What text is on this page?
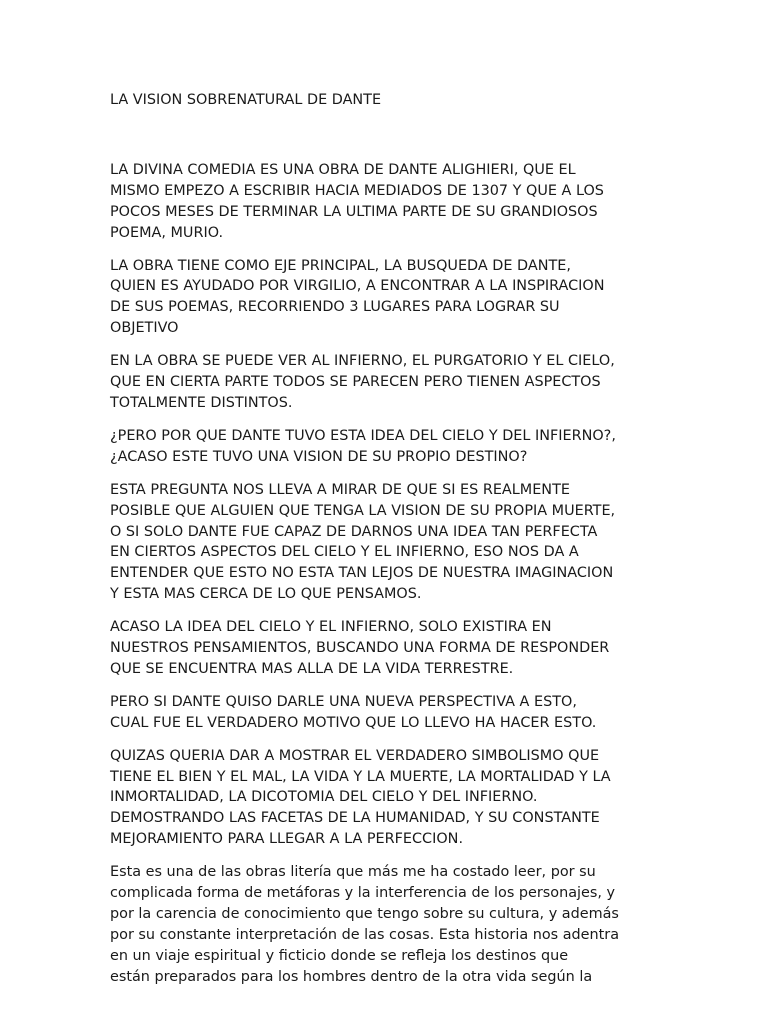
LA VISION SOBRENATURAL DE DANTE

LA DIVINA COMEDIA ES UNA OBRA DE DANTE ALIGHIERI, QUE EL
MISMO EMPEZO A ESCRIBIR HACIA MEDIADOS DE 1307 Y QUE A LOS
POCOS MESES DE TERMINAR LA ULTIMA PARTE DE SU GRANDIOSOS
POEMA, MURIO.

LA OBRA TIENE COMO EJE PRINCIPAL, LA BUSQUEDA DE DANTE,
QUIEN ES AYUDADO POR VIRGILIO, A ENCONTRAR A LA INSPIRACION
DE SUS POEMAS, RECORRIENDO 3 LUGARES PARA LOGRAR SU
OBJETIVO

EN LA OBRA SE PUEDE VER AL INFIERNO, EL PURGATORIO Y EL CIELO,
QUE EN CIERTA PARTE TODOS SE PARECEN PERO TIENEN ASPECTOS
TOTALMENTE DISTINTOS.

¿PERO POR QUE DANTE TUVO ESTA IDEA DEL CIELO Y DEL INFIERNO?,
¿ACASO ESTE TUVO UNA VISION DE SU PROPIO DESTINO?

ESTA PREGUNTA NOS LLEVA A MIRAR DE QUE SI ES REALMENTE
POSIBLE QUE ALGUIEN QUE TENGA LA VISION DE SU PROPIA MUERTE,
O SI SOLO DANTE FUE CAPAZ DE DARNOS UNA IDEA TAN PERFECTA
EN CIERTOS ASPECTOS DEL CIELO Y EL INFIERNO, ESO NOS DA A
ENTENDER QUE ESTO NO ESTA TAN LEJOS DE NUESTRA IMAGINACION
Y ESTA MAS CERCA DE LO QUE PENSAMOS.

ACASO LA IDEA DEL CIELO Y EL INFIERNO, SOLO EXISTIRA EN
NUESTROS PENSAMIENTOS, BUSCANDO UNA FORMA DE RESPONDER
QUE SE ENCUENTRA MAS ALLA DE LA VIDA TERRESTRE.

PERO SI DANTE QUISO DARLE UNA NUEVA PERSPECTIVA A ESTO,
CUAL FUE EL VERDADERO MOTIVO QUE LO LLEVO HA HACER ESTO.

QUIZAS QUERIA DAR A MOSTRAR EL VERDADERO SIMBOLISMO QUE
TIENE EL BIEN Y EL MAL, LA VIDA Y LA MUERTE, LA MORTALIDAD Y LA
INMORTALIDAD, LA DICOTOMIA DEL CIELO Y DEL INFIERNO.
DEMOSTRANDO LAS FACETAS DE LA HUMANIDAD, Y SU CONSTANTE
MEJORAMIENTO PARA LLEGAR A LA PERFECCION.

Esta es una de las obras litería que más me ha costado leer, por su
complicada forma de metáforas y la interferencia de los personajes, y
por la carencia de conocimiento que tengo sobre su cultura, y además
por su constante interpretación de las cosas. Esta historia nos adentra
en un viaje espiritual y ficticio donde se refleja los destinos que
están preparados para los hombres dentro de la otra vida según la
